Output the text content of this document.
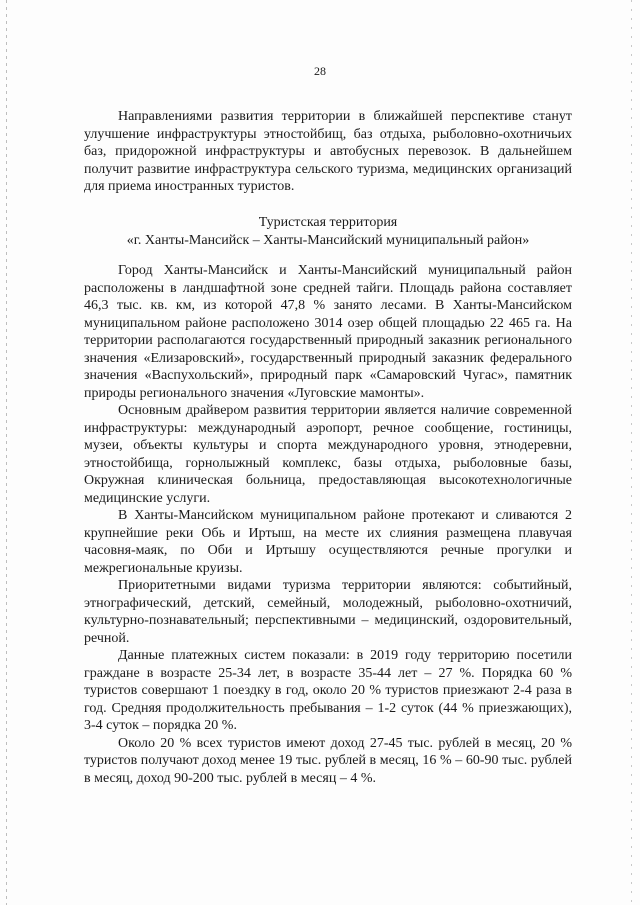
28

Направлениями развития территории в ближайшей перспективе станут улучшение инфраструктуры этностойбищ, баз отдыха, рыболовно-охотничьих баз, придорожной инфраструктуры и автобусных перевозок. В дальнейшем получит развитие инфраструктура сельского туризма, медицинских организаций для приема иностранных туристов.

Туристская территория
«г. Ханты-Мансийск – Ханты-Мансийский муниципальный район»

Город Ханты-Мансийск и Ханты-Мансийский муниципальный район расположены в ландшафтной зоне средней тайги. Площадь района составляет 46,3 тыс. кв. км, из которой 47,8 % занято лесами. В Ханты-Мансийском муниципальном районе расположено 3014 озер общей площадью 22 465 га. На территории располагаются государственный природный заказник регионального значения «Елизаровский», государственный природный заказник федерального значения «Васпухольский», природный парк «Самаровский Чугас», памятник природы регионального значения «Луговские мамонты».

Основным драйвером развития территории является наличие современной инфраструктуры: международный аэропорт, речное сообщение, гостиницы, музеи, объекты культуры и спорта международного уровня, этнодеревни, этностойбища, горнолыжный комплекс, базы отдыха, рыболовные базы, Окружная клиническая больница, предоставляющая высокотехнологичные медицинские услуги.

В Ханты-Мансийском муниципальном районе протекают и сливаются 2 крупнейшие реки Обь и Иртыш, на месте их слияния размещена плавучая часовня-маяк, по Оби и Иртышу осуществляются речные прогулки и межрегиональные круизы.

Приоритетными видами туризма территории являются: событийный, этнографический, детский, семейный, молодежный, рыболовно-охотничий, культурно-познавательный; перспективными – медицинский, оздоровительный, речной.

Данные платежных систем показали: в 2019 году территорию посетили граждане в возрасте 25-34 лет, в возрасте 35-44 лет – 27 %. Порядка 60 % туристов совершают 1 поездку в год, около 20 % туристов приезжают 2-4 раза в год. Средняя продолжительность пребывания – 1-2 суток (44 % приезжающих), 3-4 суток – порядка 20 %.

Около 20 % всех туристов имеют доход 27-45 тыс. рублей в месяц, 20 % туристов получают доход менее 19 тыс. рублей в месяц, 16 % – 60-90 тыс. рублей в месяц, доход 90-200 тыс. рублей в месяц – 4 %.
